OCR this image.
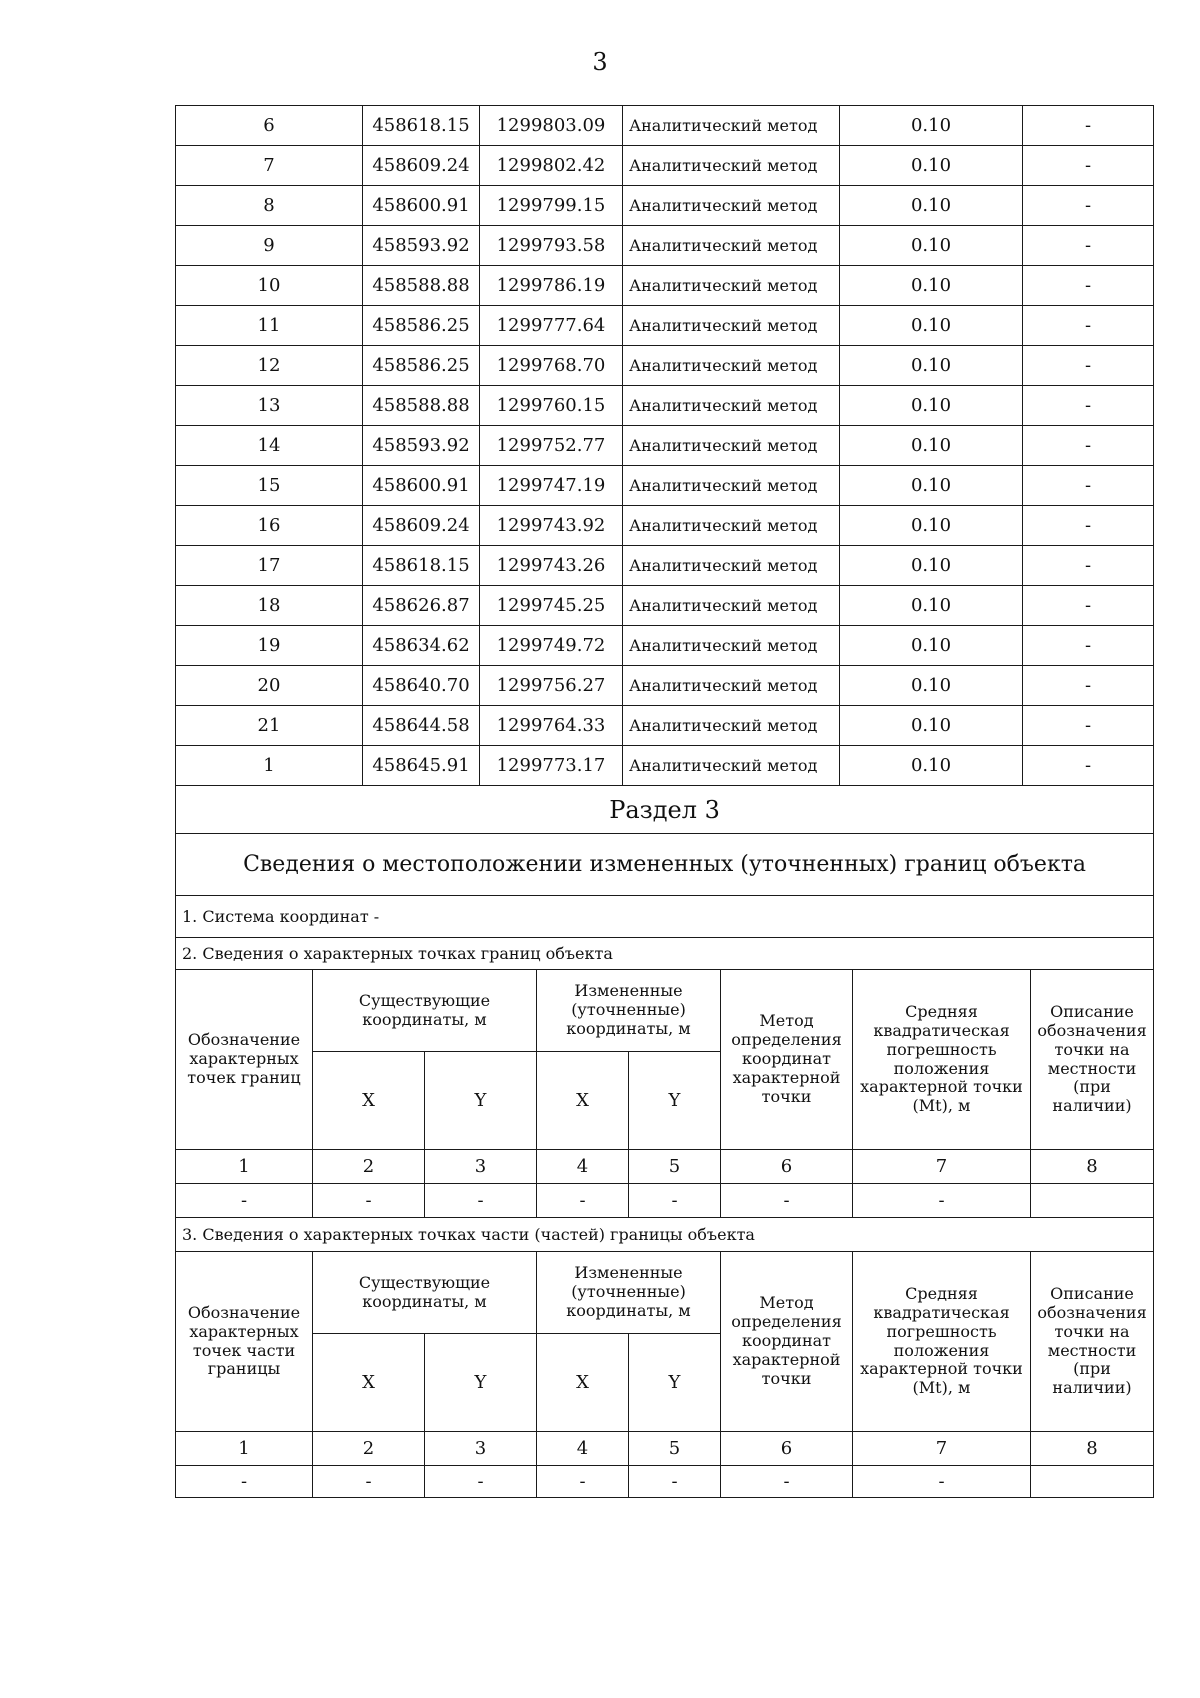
3
6	458618.15	1299803.09	Аналитический метод	0.10	-
7	458609.24	1299802.42	Аналитический метод	0.10	-
8	458600.91	1299799.15	Аналитический метод	0.10	-
9	458593.92	1299793.58	Аналитический метод	0.10	-
10	458588.88	1299786.19	Аналитический метод	0.10	-
11	458586.25	1299777.64	Аналитический метод	0.10	-
12	458586.25	1299768.70	Аналитический метод	0.10	-
13	458588.88	1299760.15	Аналитический метод	0.10	-
14	458593.92	1299752.77	Аналитический метод	0.10	-
15	458600.91	1299747.19	Аналитический метод	0.10	-
16	458609.24	1299743.92	Аналитический метод	0.10	-
17	458618.15	1299743.26	Аналитический метод	0.10	-
18	458626.87	1299745.25	Аналитический метод	0.10	-
19	458634.62	1299749.72	Аналитический метод	0.10	-
20	458640.70	1299756.27	Аналитический метод	0.10	-
21	458644.58	1299764.33	Аналитический метод	0.10	-
1	458645.91	1299773.17	Аналитический метод	0.10	-
Раздел 3							
Сведения о местоположении измененных (уточненных) границ объекта							
1. Система координат -							
2. Сведения о характерных точках границ объекта							
Обозначение характерных точек границ	Существующие координаты, м		Измененные (уточненные) координаты, м		Метод определения координат характерной точки	Средняя квадратическая погрешность положения характерной точки (Mt), м	Описание обозначения точки на местности (при наличии)
	X	Y	X	Y			
1	2	3	4	5	6	7	8
-	-	-	-	-	-	-	
3. Сведения о характерных точках части (частей) границы объекта							
Обозначение характерных точек части границы	Существующие координаты, м		Измененные (уточненные) координаты, м		Метод определения координат характерной точки	Средняя квадратическая погрешность положения характерной точки (Mt), м	Описание обозначения точки на местности (при наличии)
	X	Y	X	Y			
1	2	3	4	5	6	7	8
-	-	-	-	-	-	-	
